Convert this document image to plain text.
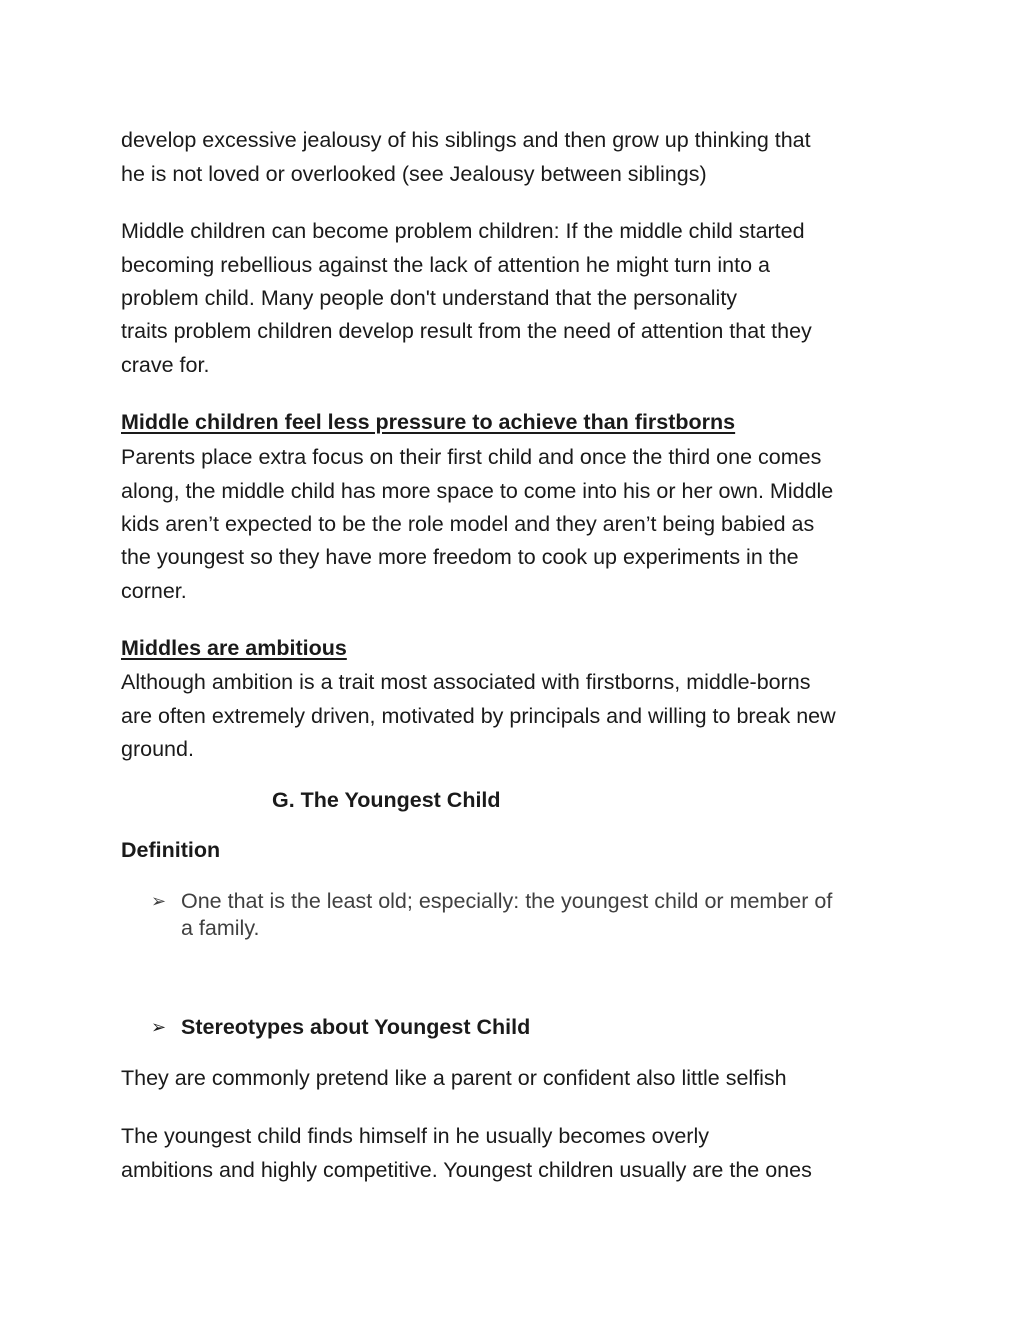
develop excessive jealousy of his siblings and then grow up thinking that
he is not loved or overlooked (see Jealousy between siblings)
Middle children can become problem children: If the middle child started
becoming rebellious against the lack of attention he might turn into a
problem child. Many people don't understand that the personality
traits problem children develop result from the need of attention that they
crave for.
Middle children feel less pressure to achieve than firstborns
Parents place extra focus on their first child and once the third one comes
along, the middle child has more space to come into his or her own. Middle
kids aren’t expected to be the role model and they aren’t being babied as
the youngest so they have more freedom to cook up experiments in the
corner.
Middles are ambitious
Although ambition is a trait most associated with firstborns, middle-borns
are often extremely driven, motivated by principals and willing to break new
ground.
G. The Youngest Child
Definition
➢ One that is the least old; especially: the youngest child or member of
a family.
➢ Stereotypes about Youngest Child
They are commonly pretend like a parent or confident also little selfish
The youngest child finds himself in he usually becomes overly
ambitions and highly competitive. Youngest children usually are the ones
